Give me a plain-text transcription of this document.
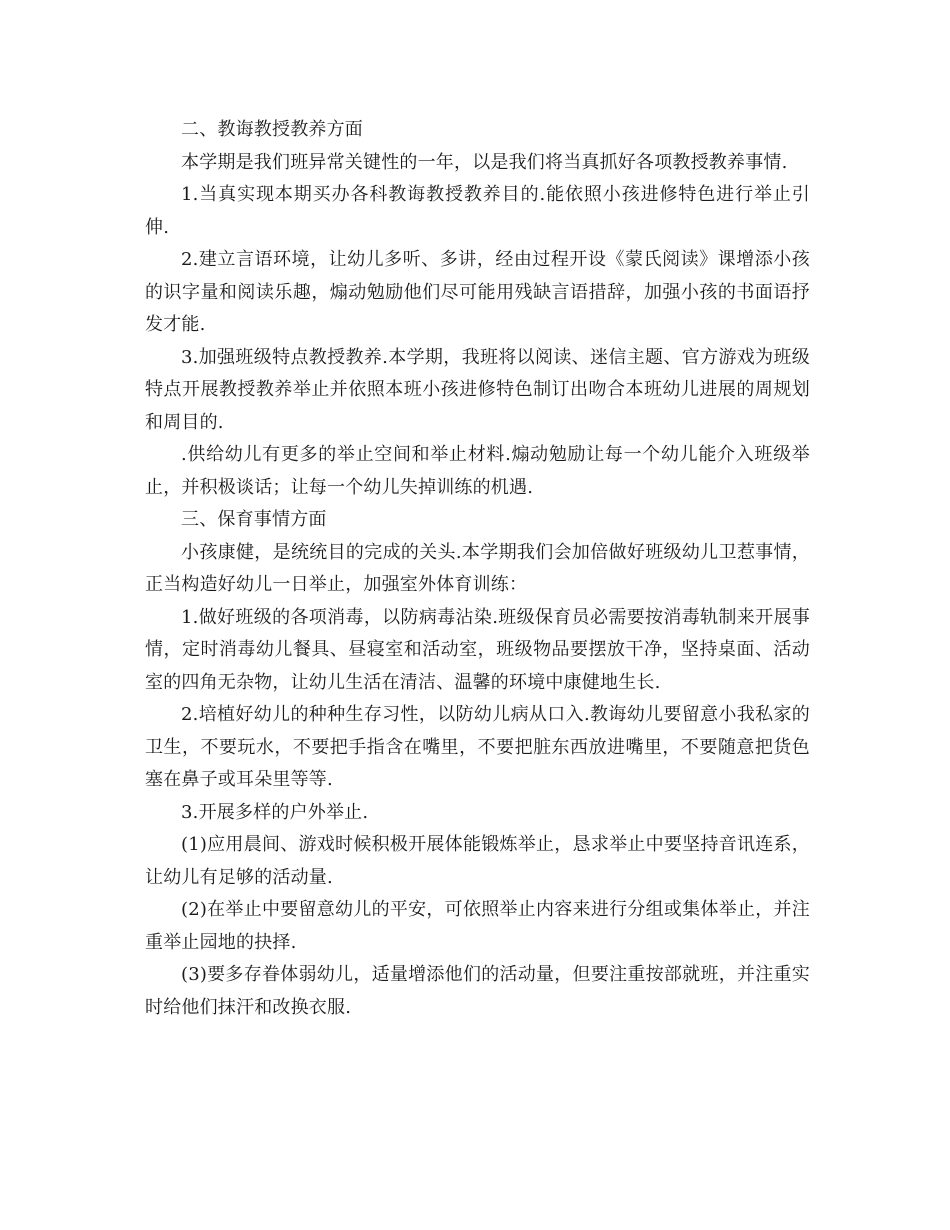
二、教诲教授教养方面

本学期是我们班异常关键性的一年，以是我们将当真抓好各项教授教养事情.

1.当真实现本期买办各科教诲教授教养目的.能依照小孩进修特色进行举止引伸.

2.建立言语环境，让幼儿多听、多讲，经由过程开设《蒙氏阅读》课增添小孩的识字量和阅读乐趣，煽动勉励他们尽可能用残缺言语措辞，加强小孩的书面语抒发才能.

3.加强班级特点教授教养.本学期，我班将以阅读、迷信主题、官方游戏为班级特点开展教授教养举止并依照本班小孩进修特色制订出吻合本班幼儿进展的周规划和周目的.

.供给幼儿有更多的举止空间和举止材料.煽动勉励让每一个幼儿能介入班级举止，并积极谈话；让每一个幼儿失掉训练的机遇.

三、保育事情方面

小孩康健，是统统目的完成的关头.本学期我们会加倍做好班级幼儿卫惹事情，正当构造好幼儿一日举止，加强室外体育训练：

1.做好班级的各项消毒，以防病毒沾染.班级保育员必需要按消毒轨制来开展事情，定时消毒幼儿餐具、昼寝室和活动室，班级物品要摆放干净，坚持桌面、活动室的四角无杂物，让幼儿生活在清洁、温馨的环境中康健地生长.

2.培植好幼儿的种种生存习性，以防幼儿病从口入.教诲幼儿要留意小我私家的卫生，不要玩水，不要把手指含在嘴里，不要把脏东西放进嘴里，不要随意把货色塞在鼻子或耳朵里等等.

3.开展多样的户外举止.

(1)应用晨间、游戏时候积极开展体能锻炼举止，恳求举止中要坚持音讯连系，让幼儿有足够的活动量.

(2)在举止中要留意幼儿的平安，可依照举止内容来进行分组或集体举止，并注重举止园地的抉择.

(3)要多存眷体弱幼儿，适量增添他们的活动量，但要注重按部就班，并注重实时给他们抹汗和改换衣服.
